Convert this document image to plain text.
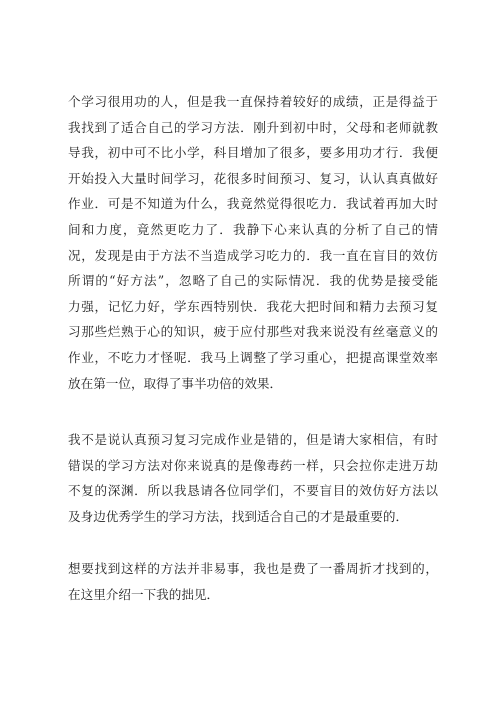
个学习很用功的人，但是我一直保持着较好的成绩，正是得益于
我找到了适合自己的学习方法．刚升到初中时，父母和老师就教
导我，初中可不比小学，科目增加了很多，要多用功才行．我便
开始投入大量时间学习，花很多时间预习、复习，认认真真做好
作业．可是不知道为什么，我竟然觉得很吃力．我试着再加大时
间和力度，竟然更吃力了．我静下心来认真的分析了自己的情
况，发现是由于方法不当造成学习吃力的．我一直在盲目的效仿
所谓的“好方法”，忽略了自己的实际情况．我的优势是接受能
力强，记忆力好，学东西特别快．我花大把时间和精力去预习复
习那些烂熟于心的知识，疲于应付那些对我来说没有丝毫意义的
作业，不吃力才怪呢．我马上调整了学习重心，把提高课堂效率
放在第一位，取得了事半功倍的效果．
我不是说认真预习复习完成作业是错的，但是请大家相信，有时
错误的学习方法对你来说真的是像毒药一样，只会拉你走进万劫
不复的深渊．所以我恳请各位同学们，不要盲目的效仿好方法以
及身边优秀学生的学习方法，找到适合自己的才是最重要的．
想要找到这样的方法并非易事，我也是费了一番周折才找到的，
在这里介绍一下我的拙见．
